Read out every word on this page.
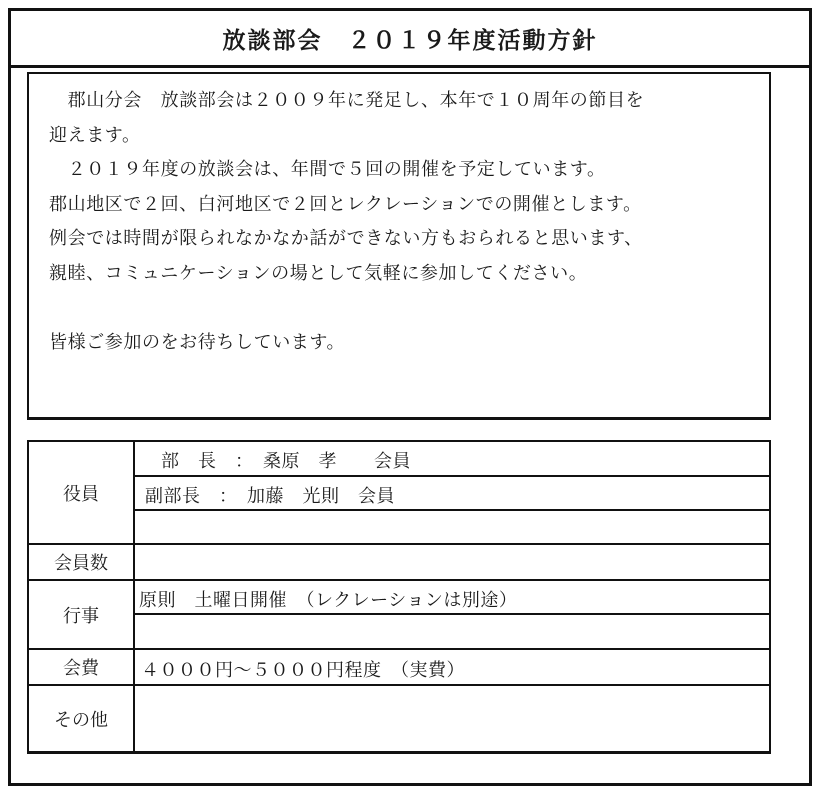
放談部会　２０１９年度活動方針
　郡山分会　放談部会は２００９年に発足し、本年で１０周年の節目を
迎えます。
　２０１９年度の放談会は、年間で５回の開催を予定しています。
郡山地区で２回、白河地区で２回とレクレーションでの開催とします。
例会では時間が限られなかなか話ができない方もおられると思います、
親睦、コミュニケーションの場として気軽に参加してください。
皆様ご参加のをお待ちしています。
役員
会員数
行事
会費
その他
部　長　：　桑原　孝　　会員
副部長　：　加藤　光則　会員
原則　土曜日開催　（レクレーションは別途）
４０００円～５０００円程度　（実費）
